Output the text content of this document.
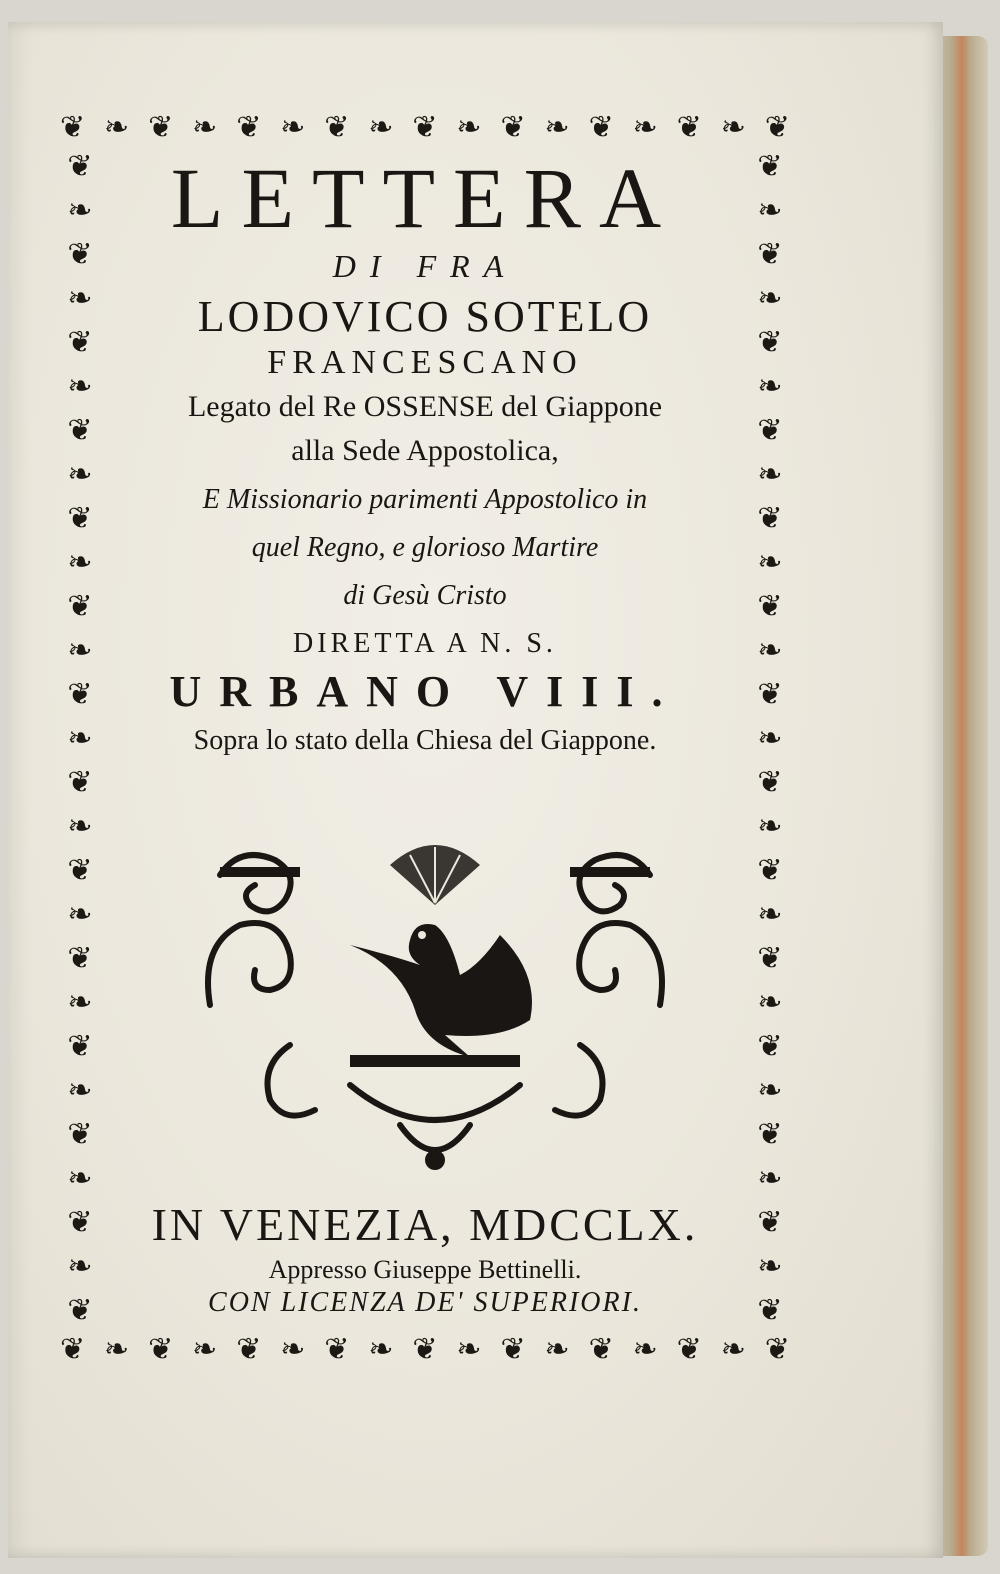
❦ ❧ ❦ ❧ ❦ ❧ ❦ ❧ ❦ ❧ ❦ ❧ ❦ ❧ ❦ ❧ ❦
❦ ❧ ❦ ❧ ❦ ❧ ❦ ❧ ❦ ❧ ❦ ❧ ❦ ❧ ❦ ❧ ❦
❦
❧
❦
❧
❦
❧
❦
❧
❦
❧
❦
❧
❦
❧
❦
❧
❦
❧
❦
❧
❦
❧
❦
❧
❦
❧
❦
❦
❧
❦
❧
❦
❧
❦
❧
❦
❧
❦
❧
❦
❧
❦
❧
❦
❧
❦
❧
❦
❧
❦
❧
❦
❧
❦
LETTERA
DI FRA
LODOVICO SOTELO
FRANCESCANO
Legato del Re OSSENSE del Giappone
alla Sede Appostolica,
E Missionario parimenti Appostolico in
quel Regno, e glorioso Martire
di Gesù Cristo
DIRETTA A N. S.
URBANO VIII.
Sopra lo stato della Chiesa del Giappone.
IN VENEZIA, MDCCLX.
Appresso Giuseppe Bettinelli.
CON LICENZA DE' SUPERIORI.
